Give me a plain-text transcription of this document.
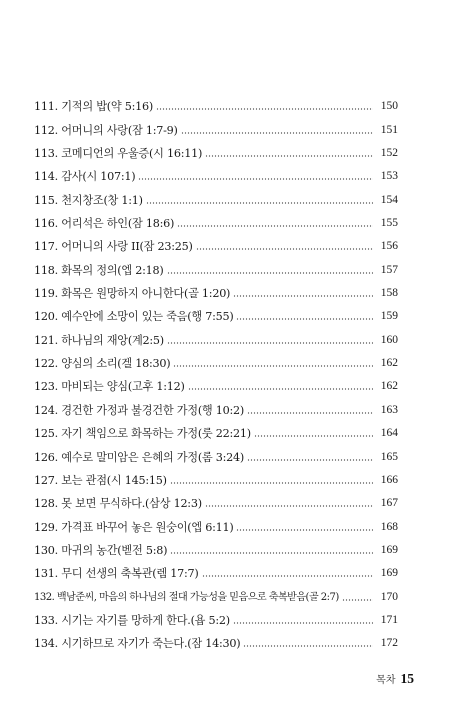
111. 기적의 밥(약 5:16)	150
112. 어머니의 사랑(잠 1:7-9)	151
113. 코메디언의 우울증(시 16:11)	152
114. 감사(시 107:1)	153
115. 천지창조(창 1:1)	154
116. 어리석은 하인(잠 18:6)	155
117. 어머니의 사랑 II(잠 23:25)	156
118. 화목의 정의(엡 2:18)	157
119. 화목은 원망하지 아니한다(골 1:20)	158
120. 예수안에 소망이 있는 죽음(행 7:55)	159
121. 하나님의 재앙(계2:5)	160
122. 양심의 소리(겔 18:30)	162
123. 마비되는 양심(고후 1:12)	162
124. 경건한 가정과 불경건한 가정(행 10:2)	163
125. 자기 책임으로 화목하는 가정(룻 22:21)	164
126. 예수로 말미암은 은혜의 가정(롬 3:24)	165
127. 보는 관점(시 145:15)	166
128. 못 보면 무식하다.(삼상 12:3)	167
129. 가격표 바꾸어 놓은 원숭이(엡 6:11)	168
130. 마귀의 농간(벧전 5:8)	169
131. 무디 선생의 축복관(렘 17:7)	169
132. 백남준씨, 마음의 하나님의 절대 가능성을 믿음으로 축복받음(골 2:7)	170
133. 시기는 자기를 망하게 한다.(욥 5:2)	171
134. 시기하므로 자기가 죽는다.(잠 14:30)	172
목차 15
